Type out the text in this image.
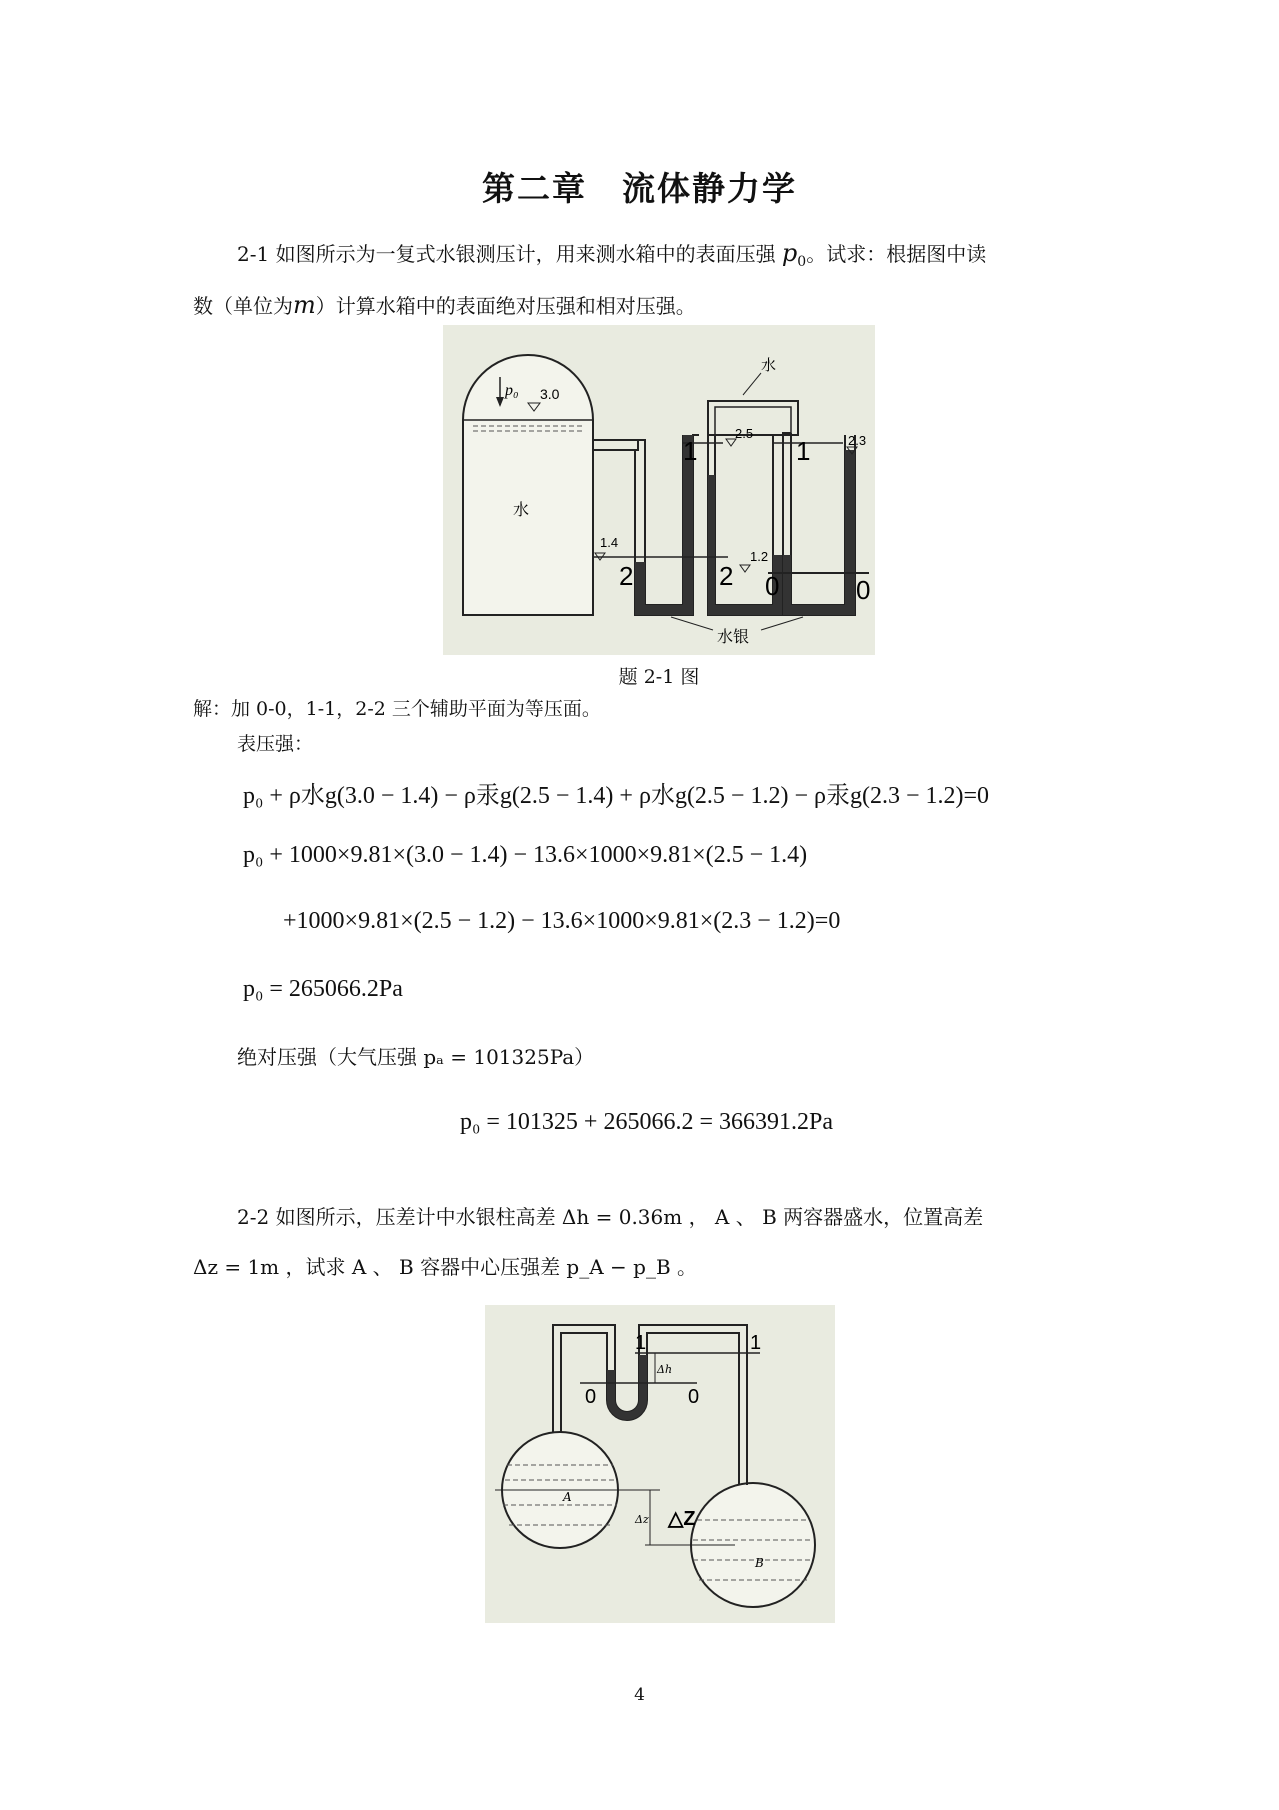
第二章　流体静力学
2-1 如图所示为一复式水银测压计，用来测水箱中的表面压强 $p_0$。试求：根据图中读
数（单位为m）计算水箱中的表面绝对压强和相对压强。
p₀ 3.0
水
水
1	1
2.5	2.3
1.4
2	2
1.2
0	0
水银
题 2-1 图
解：加 0-0，1-1，2-2 三个辅助平面为等压面。
表压强：
p₀ + ρ水g(3.0 − 1.4) − ρ汞g(2.5 − 1.4) + ρ水g(2.5 − 1.2) − ρ汞g(2.3 − 1.2)=0
p₀ + 1000×9.81×(3.0 − 1.4) − 13.6×1000×9.81×(2.5 − 1.4)
+1000×9.81×(2.5 − 1.2) − 13.6×1000×9.81×(2.3 − 1.2)=0
p₀ = 265066.2Pa
绝对压强（大气压强 pₐ = 101325Pa）
p₀ = 101325 + 265066.2 = 366391.2Pa
2-2 如图所示，压差计中水银柱高差 Δh = 0.36m ， A 、 B 两容器盛水，位置高差
Δz = 1m ，试求 A 、 B 容器中心压强差 p_A − p_B 。
A
B
1	1
0	0
Δh
Δz △Z
4
